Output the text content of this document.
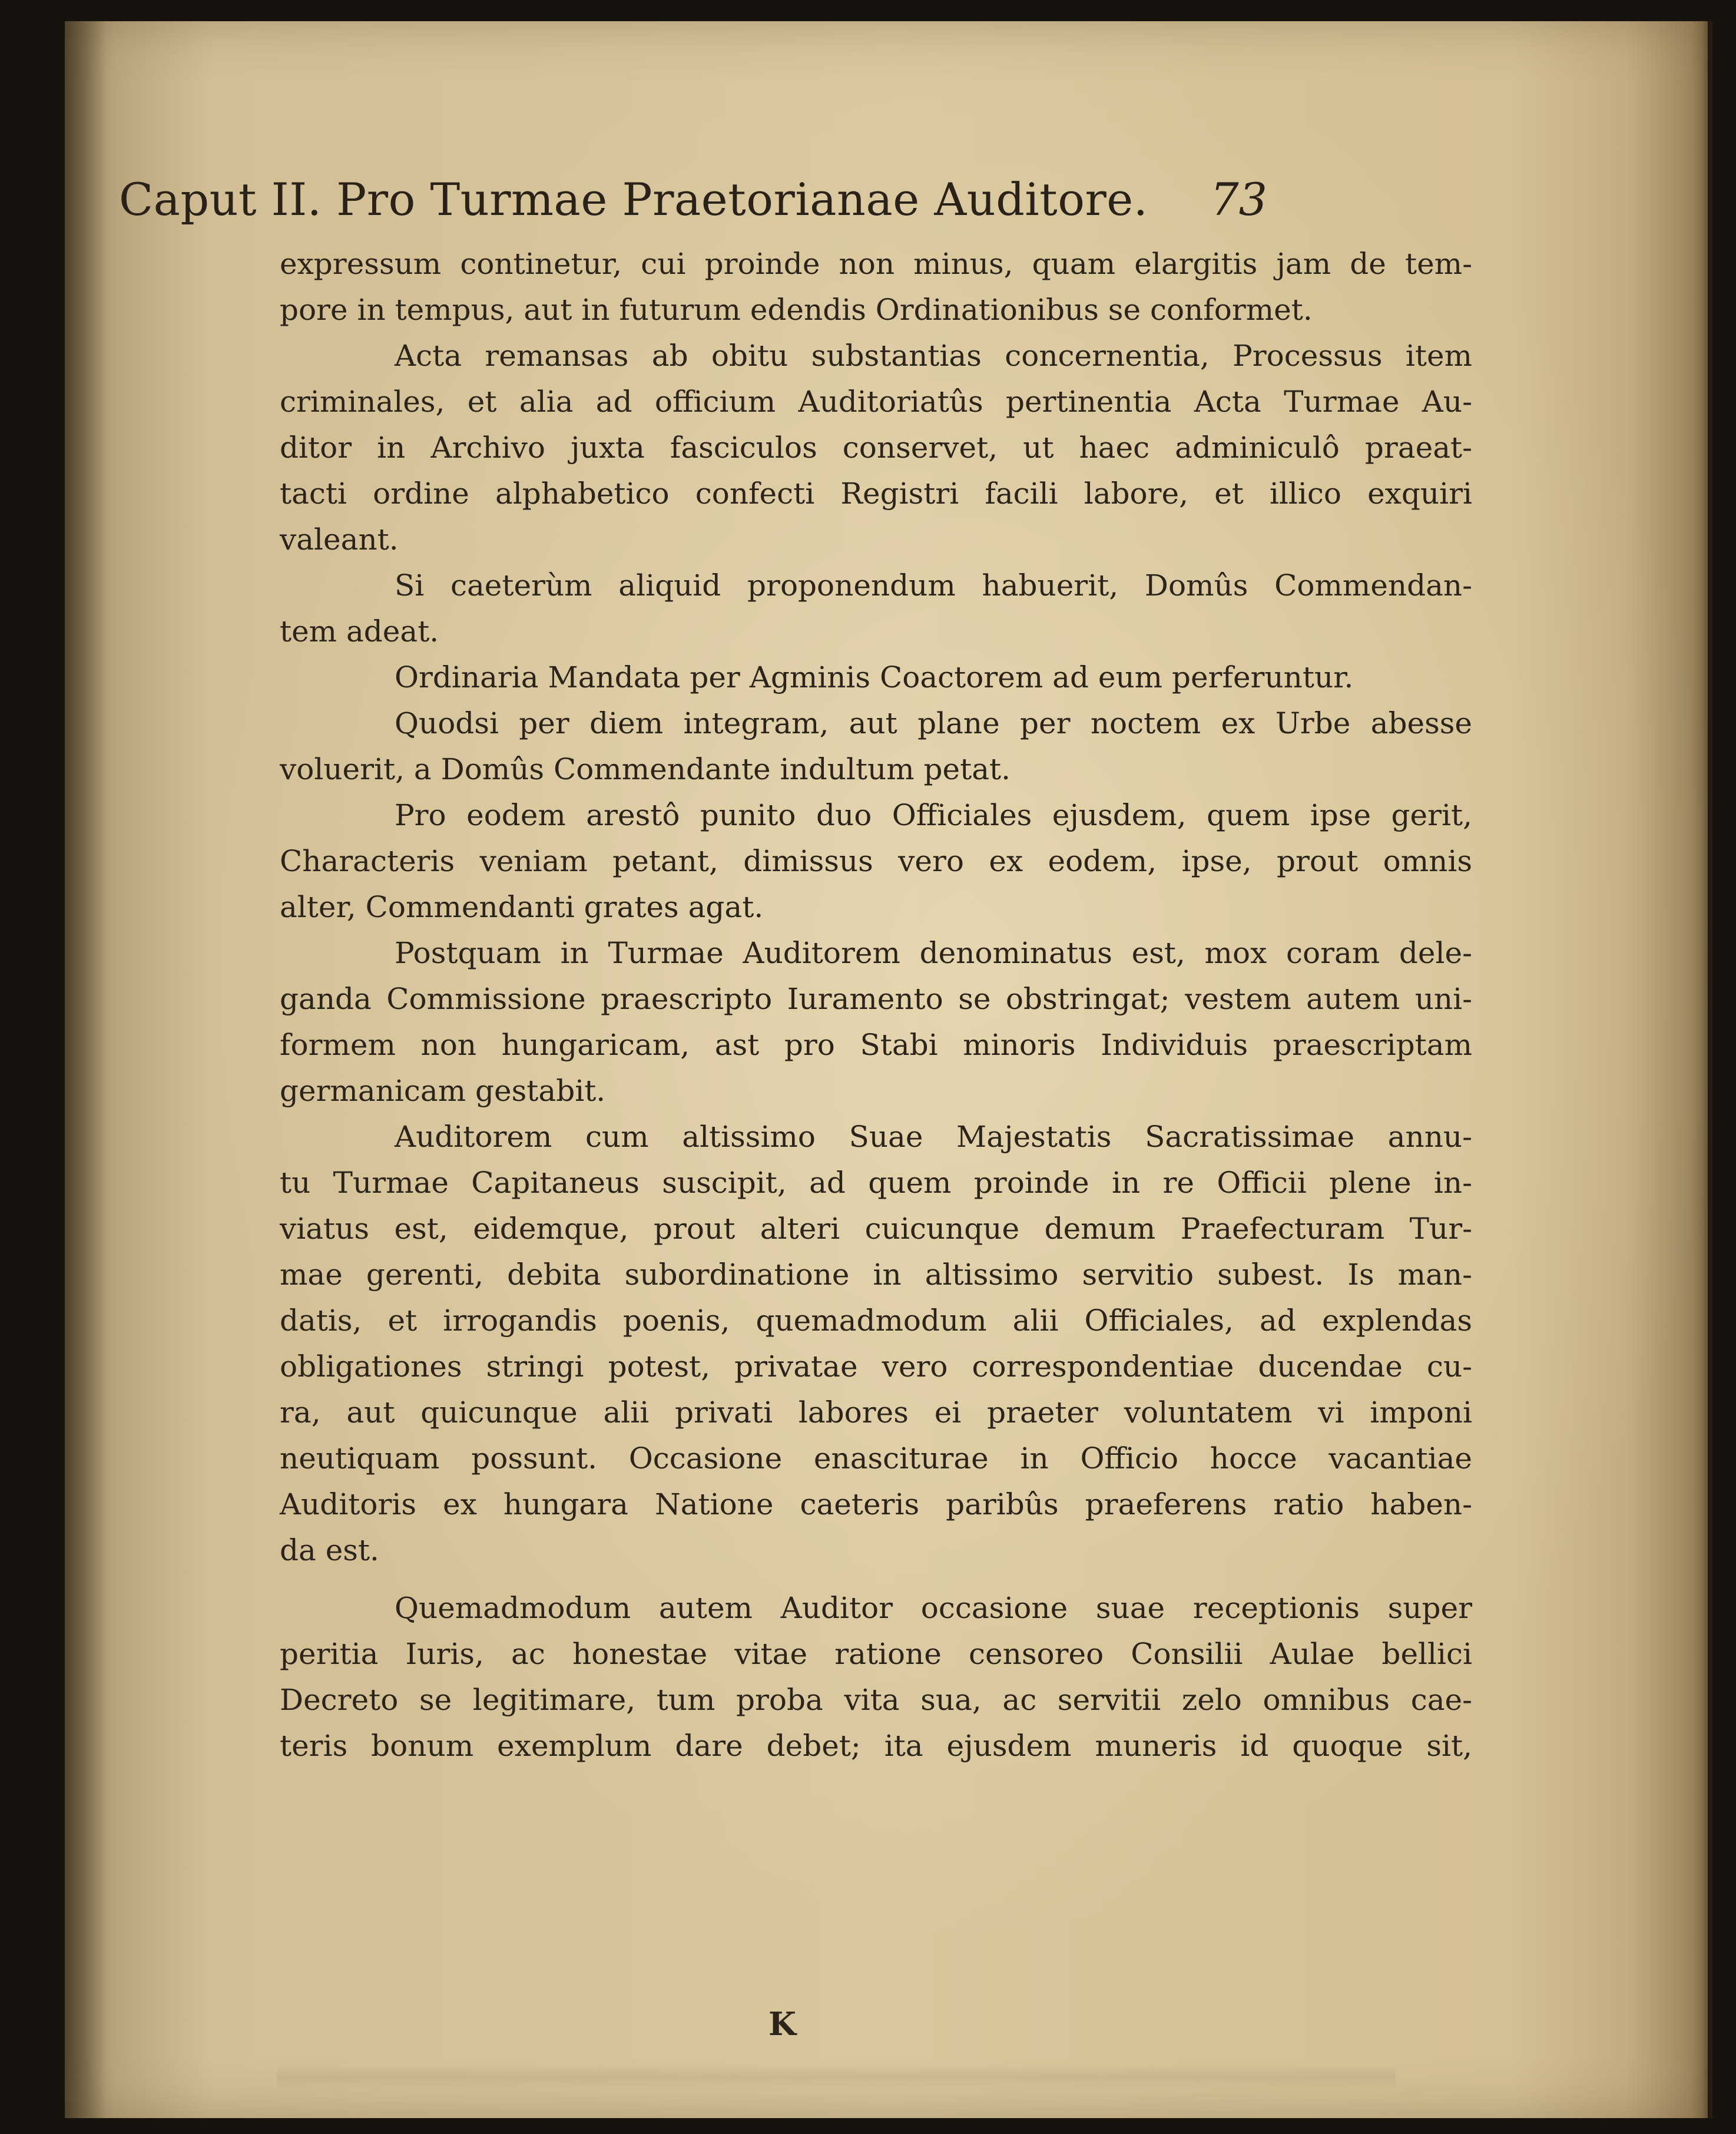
Caput II. Pro Turmae Praetorianae Auditore. 73
expressum continetur, cui proinde non minus, quam elargitis jam de tem-
pore in tempus, aut in futurum edendis Ordinationibus se conformet.
Acta remansas ab obitu substantias concernentia, Processus item
criminales, et alia ad officium Auditoriatûs pertinentia Acta Turmae Au-
ditor in Archivo juxta fasciculos conservet, ut haec adminiculô praeat-
tacti ordine alphabetico confecti Registri facili labore, et illico exquiri
valeant.
Si caeterùm aliquid proponendum habuerit, Domûs Commendan-
tem adeat.
Ordinaria Mandata per Agminis Coactorem ad eum perferuntur.
Quodsi per diem integram, aut plane per noctem ex Urbe abesse
voluerit, a Domûs Commendante indultum petat.
Pro eodem arestô punito duo Officiales ejusdem, quem ipse gerit,
Characteris veniam petant, dimissus vero ex eodem, ipse, prout omnis
alter, Commendanti grates agat.
Postquam in Turmae Auditorem denominatus est, mox coram dele-
ganda Commissione praescripto Iuramento se obstringat; vestem autem uni-
formem non hungaricam, ast pro Stabi minoris Individuis praescriptam
germanicam gestabit.
Auditorem cum altissimo Suae Majestatis Sacratissimae annu-
tu Turmae Capitaneus suscipit, ad quem proinde in re Officii plene in-
viatus est, eidemque, prout alteri cuicunque demum Praefecturam Tur-
mae gerenti, debita subordinatione in altissimo servitio subest. Is man-
datis, et irrogandis poenis, quemadmodum alii Officiales, ad explendas
obligationes stringi potest, privatae vero correspondentiae ducendae cu-
ra, aut quicunque alii privati labores ei praeter voluntatem vi imponi
neutiquam possunt. Occasione enasciturae in Officio hocce vacantiae
Auditoris ex hungara Natione caeteris paribûs praeferens ratio haben-
da est.
Quemadmodum autem Auditor occasione suae receptionis super
peritia Iuris, ac honestae vitae ratione censoreo Consilii Aulae bellici
Decreto se legitimare, tum proba vita sua, ac servitii zelo omnibus cae-
teris bonum exemplum dare debet; ita ejusdem muneris id quoque sit,
K
